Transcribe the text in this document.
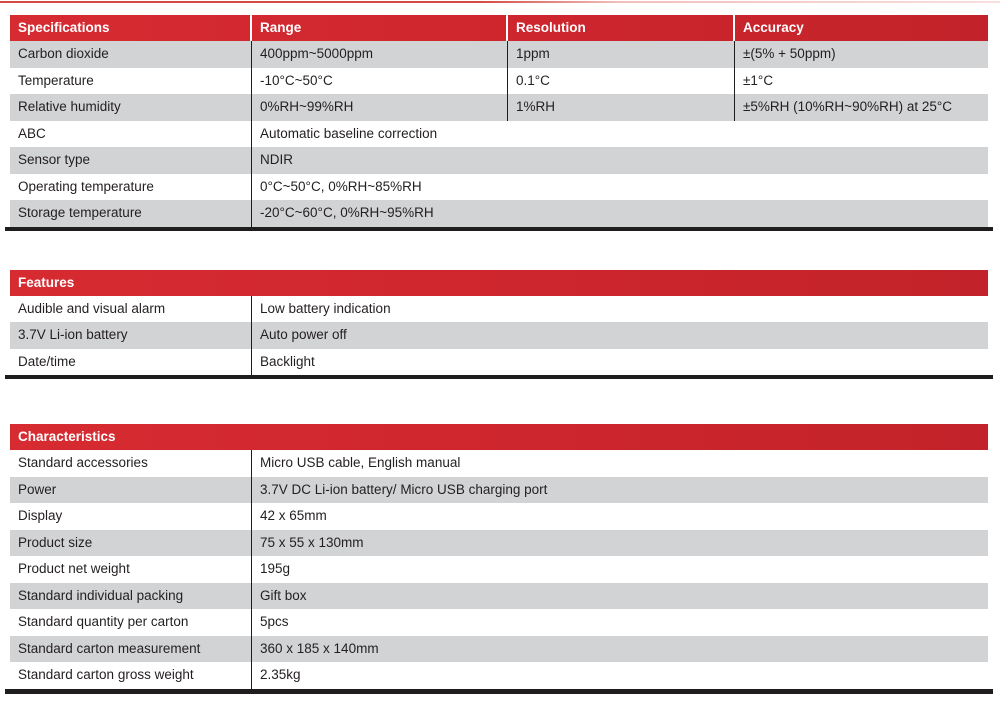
Specifications	Range	Resolution	Accuracy
Carbon dioxide	400ppm~5000ppm	1ppm	±(5% + 50ppm)
Temperature	-10°C~50°C	0.1°C	±1°C
Relative humidity	0%RH~99%RH	1%RH	±5%RH (10%RH~90%RH) at 25°C
ABC	Automatic baseline correction
Sensor type	NDIR
Operating temperature	0°C~50°C, 0%RH~85%RH
Storage temperature	-20°C~60°C, 0%RH~95%RH
Features
Audible and visual alarm	Low battery indication
3.7V Li-ion battery	Auto power off
Date/time	Backlight
Characteristics
Standard accessories	Micro USB cable, English manual
Power	3.7V DC Li-ion battery/ Micro USB charging port
Display	42 x 65mm
Product size	75 x 55 x 130mm
Product net weight	195g
Standard individual packing	Gift box
Standard quantity per carton	5pcs
Standard carton measurement	360 x 185 x 140mm
Standard carton gross weight	2.35kg
